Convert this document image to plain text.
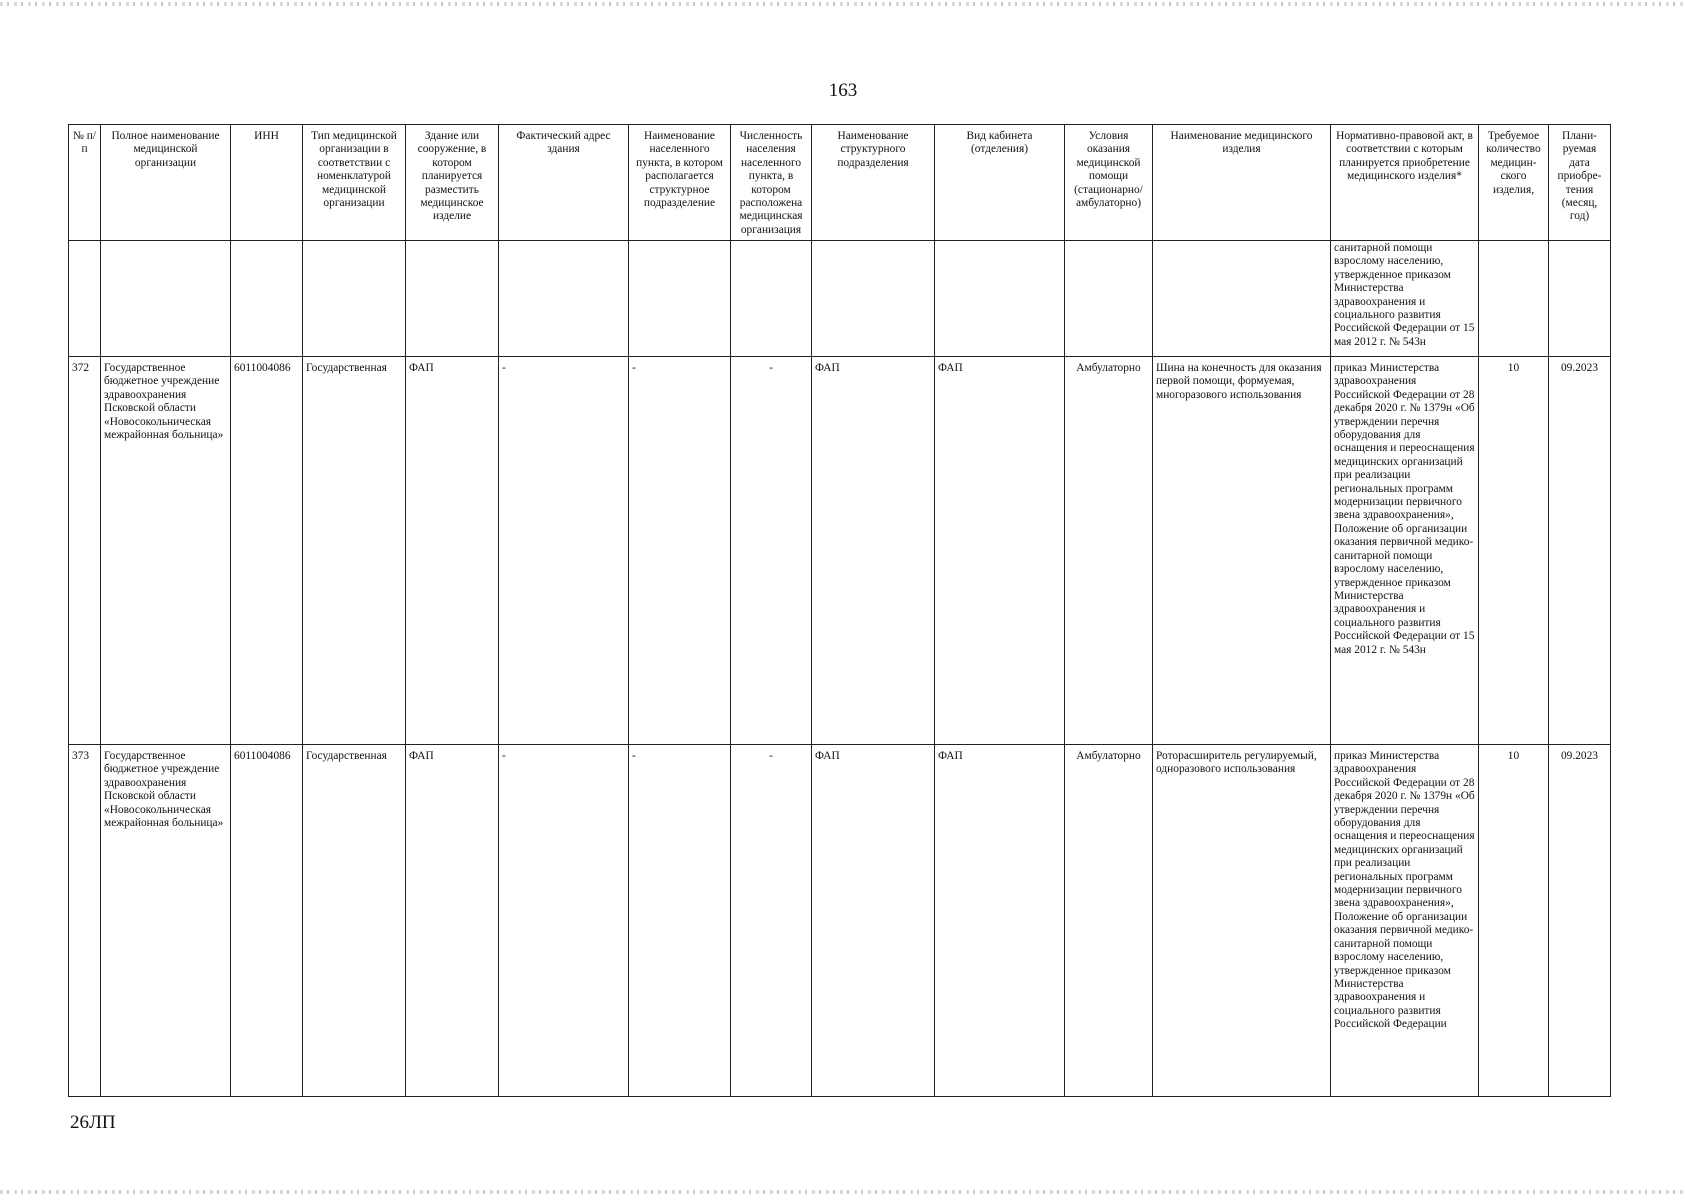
163
№ п/п	Полное наименование медицинской организации	ИНН	Тип медицинской организации в соответствии с номенклатурой медицинской организации	Здание или сооружение, в котором планируется разместить медицинское изделие	Фактический адрес здания	Наименование населенного пункта, в котором располагается структурное подразделение	Численность населения населенного пункта, в котором расположена медицинская организация	Наименование структурного подразделения	Вид кабинета (отделения)	Условия оказания медицинской помощи (стационарно/ амбулаторно)	Наименование медицинского изделия	Нормативно-правовой акт, в соответствии с которым планируется приобретение медицинского изделия*	Требуемое количество медицин-ского изделия,	Плани-руемая дата приобре-тения (месяц, год)
												санитарной помощи взрослому населению, утвержденное приказом Министерства здравоохранения и социального развития Российской Федерации от 15 мая 2012 г. № 543н		
372	Государственное бюджетное учреждение здравоохранения Псковской области «Новосокольническая межрайонная больница»	6011004086	Государственная	ФАП	-	-	-	ФАП	ФАП	Амбулаторно	Шина на конечность для оказания первой помощи, формуемая, многоразового использования	приказ Министерства здравоохранения Российской Федерации от 28 декабря 2020 г. № 1379н «Об утверждении перечня оборудования для оснащения и переоснащения медицинских организаций при реализации региональных программ модернизации первичного звена здравоохранения», Положение об организации оказания первичной медико-санитарной помощи взрослому населению, утвержденное приказом Министерства здравоохранения и социального развития Российской Федерации от 15 мая 2012 г. № 543н	10	09.2023
373	Государственное бюджетное учреждение здравоохранения Псковской области «Новосокольническая межрайонная больница»	6011004086	Государственная	ФАП	-	-	-	ФАП	ФАП	Амбулаторно	Роторасширитель регулируемый, одноразового использования	приказ Министерства здравоохранения Российской Федерации от 28 декабря 2020 г. № 1379н «Об утверждении перечня оборудования для оснащения и переоснащения медицинских организаций при реализации региональных программ модернизации первичного звена здравоохранения», Положение об организации оказания первичной медико-санитарной помощи взрослому населению, утвержденное приказом Министерства здравоохранения и социального развития Российской Федерации	10	09.2023
26ЛП
